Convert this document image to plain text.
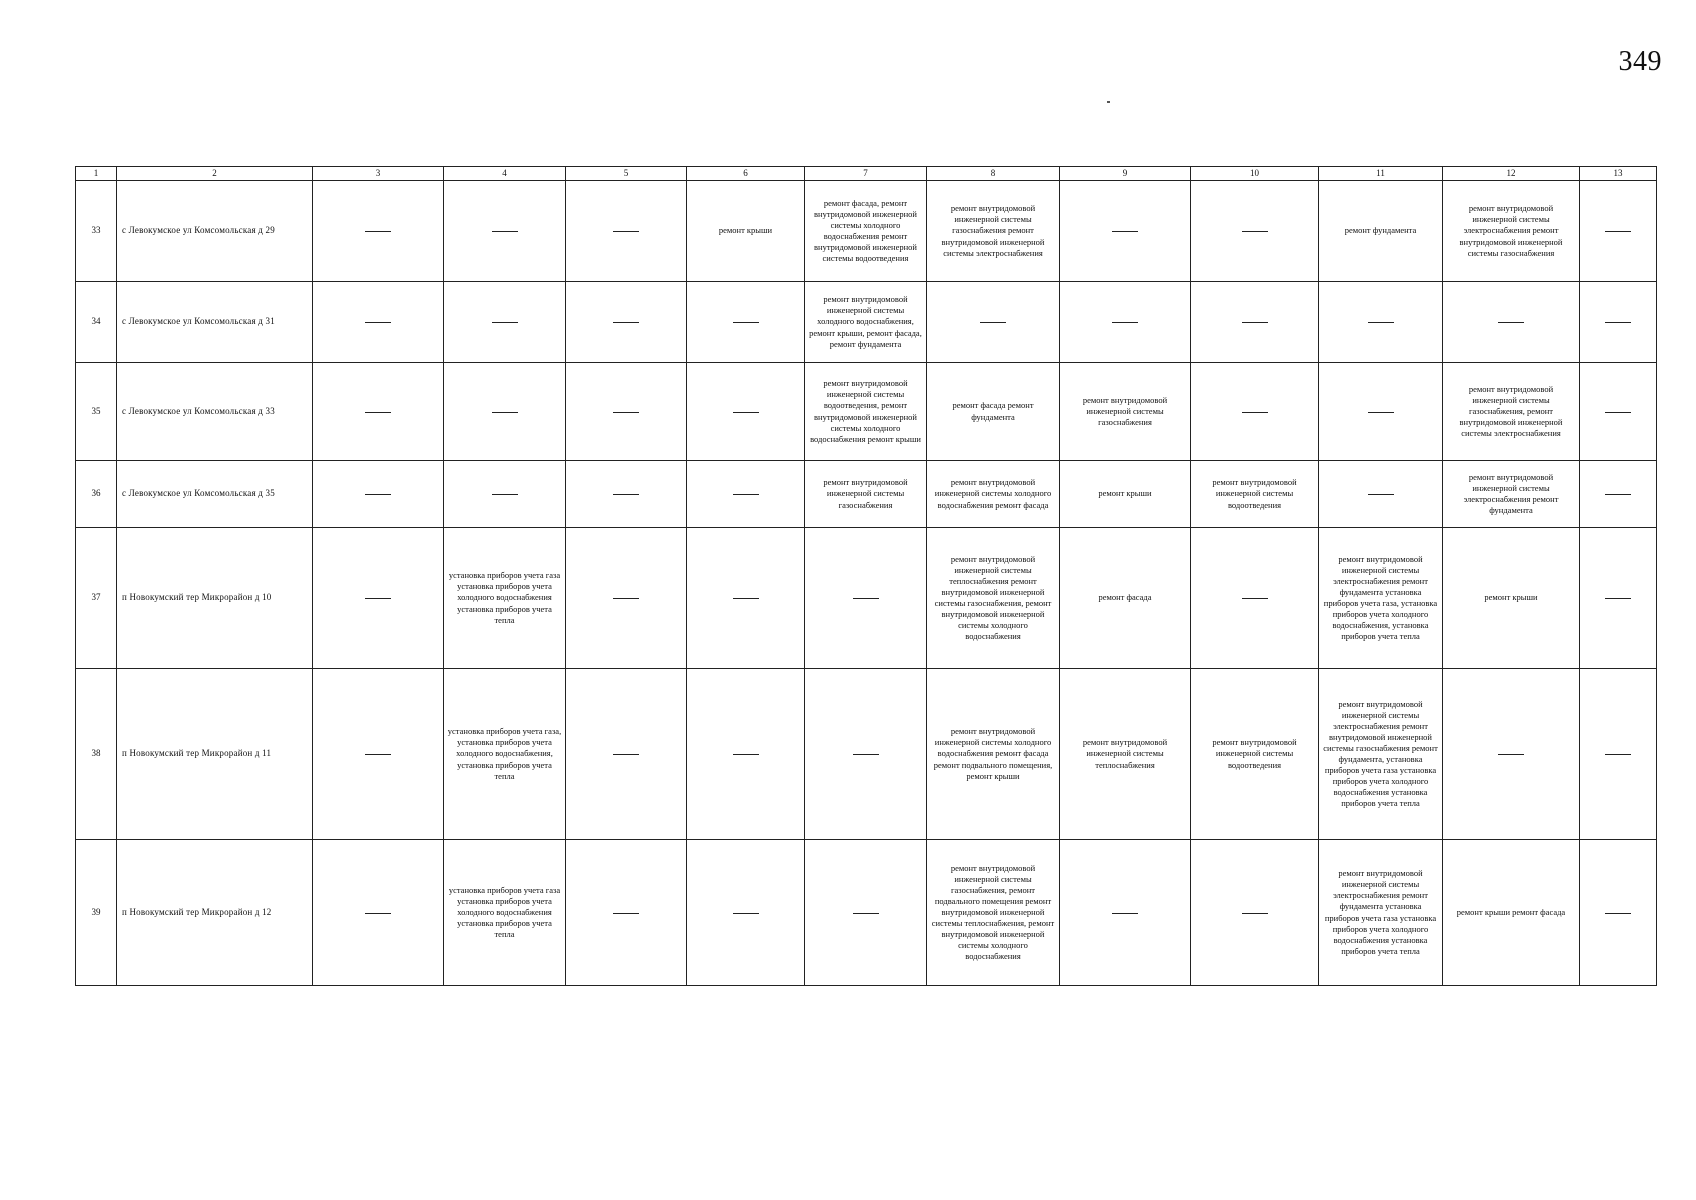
349
1	2	3	4	5	6	7	8	9	10	11	12	13
33	с Левокумское ул Комсомольская д 29				ремонт крыши	ремонт фасада, ремонт внутридомовой инженерной системы холодного водоснабжения ремонт внутридомовой инженерной системы водоотведения	ремонт внутридомовой инженерной системы газоснабжения ремонт внутридомовой инженерной системы электроснабжения			ремонт фундамента	ремонт внутридомовой инженерной системы электроснабжения ремонт внутридомовой инженерной системы газоснабжения	

34	с Левокумское ул Комсомольская д 31					ремонт внутридомовой инженерной системы холодного водоснабжения, ремонт крыши, ремонт фасада, ремонт фундамента						

35	с Левокумское ул Комсомольская д 33					ремонт внутридомовой инженерной системы водоотведения, ремонт внутридомовой инженерной системы холодного водоснабжения ремонт крыши	ремонт фасада ремонт фундамента	ремонт внутридомовой инженерной системы газоснабжения			ремонт внутридомовой инженерной системы газоснабжения, ремонт внутридомовой инженерной системы электроснабжения	

36	с Левокумское ул Комсомольская д 35					ремонт внутридомовой инженерной системы газоснабжения	ремонт внутридомовой инженерной системы холодного водоснабжения ремонт фасада	ремонт крыши	ремонт внутридомовой инженерной системы водоотведения		ремонт внутридомовой инженерной системы электроснабжения ремонт фундамента	

37	п Новокумский тер Микрорайон д 10		установка приборов учета газа установка приборов учета холодного водоснабжения установка приборов учета тепла				ремонт внутридомовой инженерной системы теплоснабжения ремонт внутридомовой инженерной системы газоснабжения, ремонт внутридомовой инженерной системы холодного водоснабжения	ремонт фасада		ремонт внутридомовой инженерной системы электроснабжения ремонт фундамента установка приборов учета газа, установка приборов учета холодного водоснабжения, установка приборов учета тепла	ремонт крыши	

38	п Новокумский тер Микрорайон д 11		установка приборов учета газа, установка приборов учета холодного водоснабжения, установка приборов учета тепла				ремонт внутридомовой инженерной системы холодного водоснабжения ремонт фасада ремонт подвального помещения, ремонт крыши	ремонт внутридомовой инженерной системы теплоснабжения	ремонт внутридомовой инженерной системы водоотведения	ремонт внутридомовой инженерной системы электроснабжения ремонт внутридомовой инженерной системы газоснабжения ремонт фундамента, установка приборов учета газа установка приборов учета холодного водоснабжения установка приборов учета тепла		

39	п Новокумский тер Микрорайон д 12		установка приборов учета газа установка приборов учета холодного водоснабжения установка приборов учета тепла				ремонт внутридомовой инженерной системы газоснабжения, ремонт подвального помещения ремонт внутридомовой инженерной системы теплоснабжения, ремонт внутридомовой инженерной системы холодного водоснабжения			ремонт внутридомовой инженерной системы электроснабжения ремонт фундамента установка приборов учета газа установка приборов учета холодного водоснабжения установка приборов учета тепла	ремонт крыши ремонт фасада	
